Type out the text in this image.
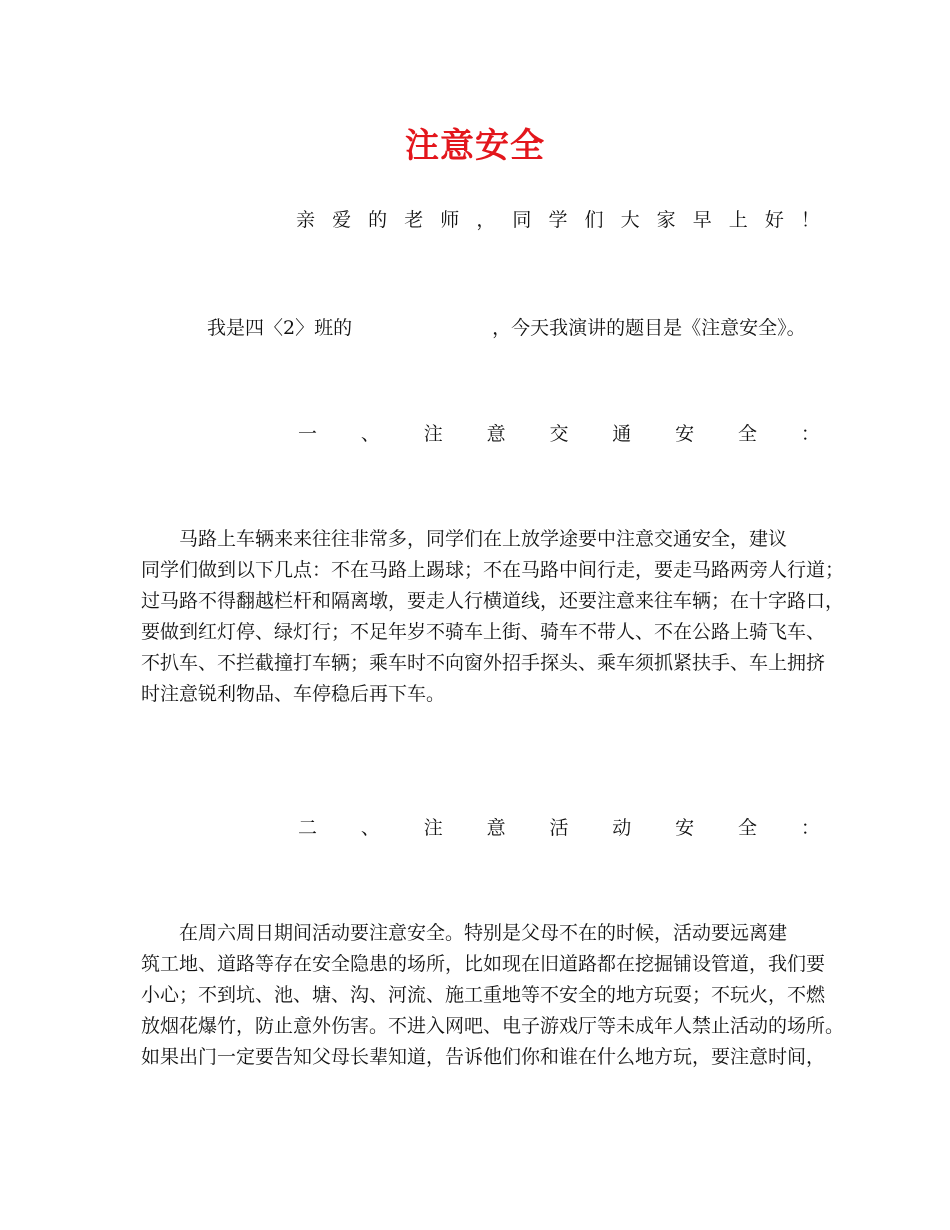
注意安全
亲 爱 的 老 师 ， 同 学 们 大 家 早 上 好 ！
我是四〈2〉班的	，今天我演讲的题目是《注意安全》。
一 、 注 意 交 通 安 全 ：
　　马路上车辆来来往往非常多，同学们在上放学途要中注意交通安全，建议
同学们做到以下几点：不在马路上踢球；不在马路中间行走，要走马路两旁人行道；
过马路不得翻越栏杆和隔离墩，要走人行横道线，还要注意来往车辆；在十字路口，
要做到红灯停、绿灯行；不足年岁不骑车上街、骑车不带人、不在公路上骑飞车、
不扒车、不拦截撞打车辆；乘车时不向窗外招手探头、乘车须抓紧扶手、车上拥挤
时注意锐利物品、车停稳后再下车。
二 、 注 意 活 动 安 全 ：
　　在周六周日期间活动要注意安全。特别是父母不在的时候，活动要远离建
筑工地、道路等存在安全隐患的场所，比如现在旧道路都在挖掘铺设管道，我们要
小心；不到坑、池、塘、沟、河流、施工重地等不安全的地方玩耍；不玩火，不燃
放烟花爆竹，防止意外伤害。不进入网吧、电子游戏厅等未成年人禁止活动的场所。
如果出门一定要告知父母长辈知道，告诉他们你和谁在什么地方玩，要注意时间，
